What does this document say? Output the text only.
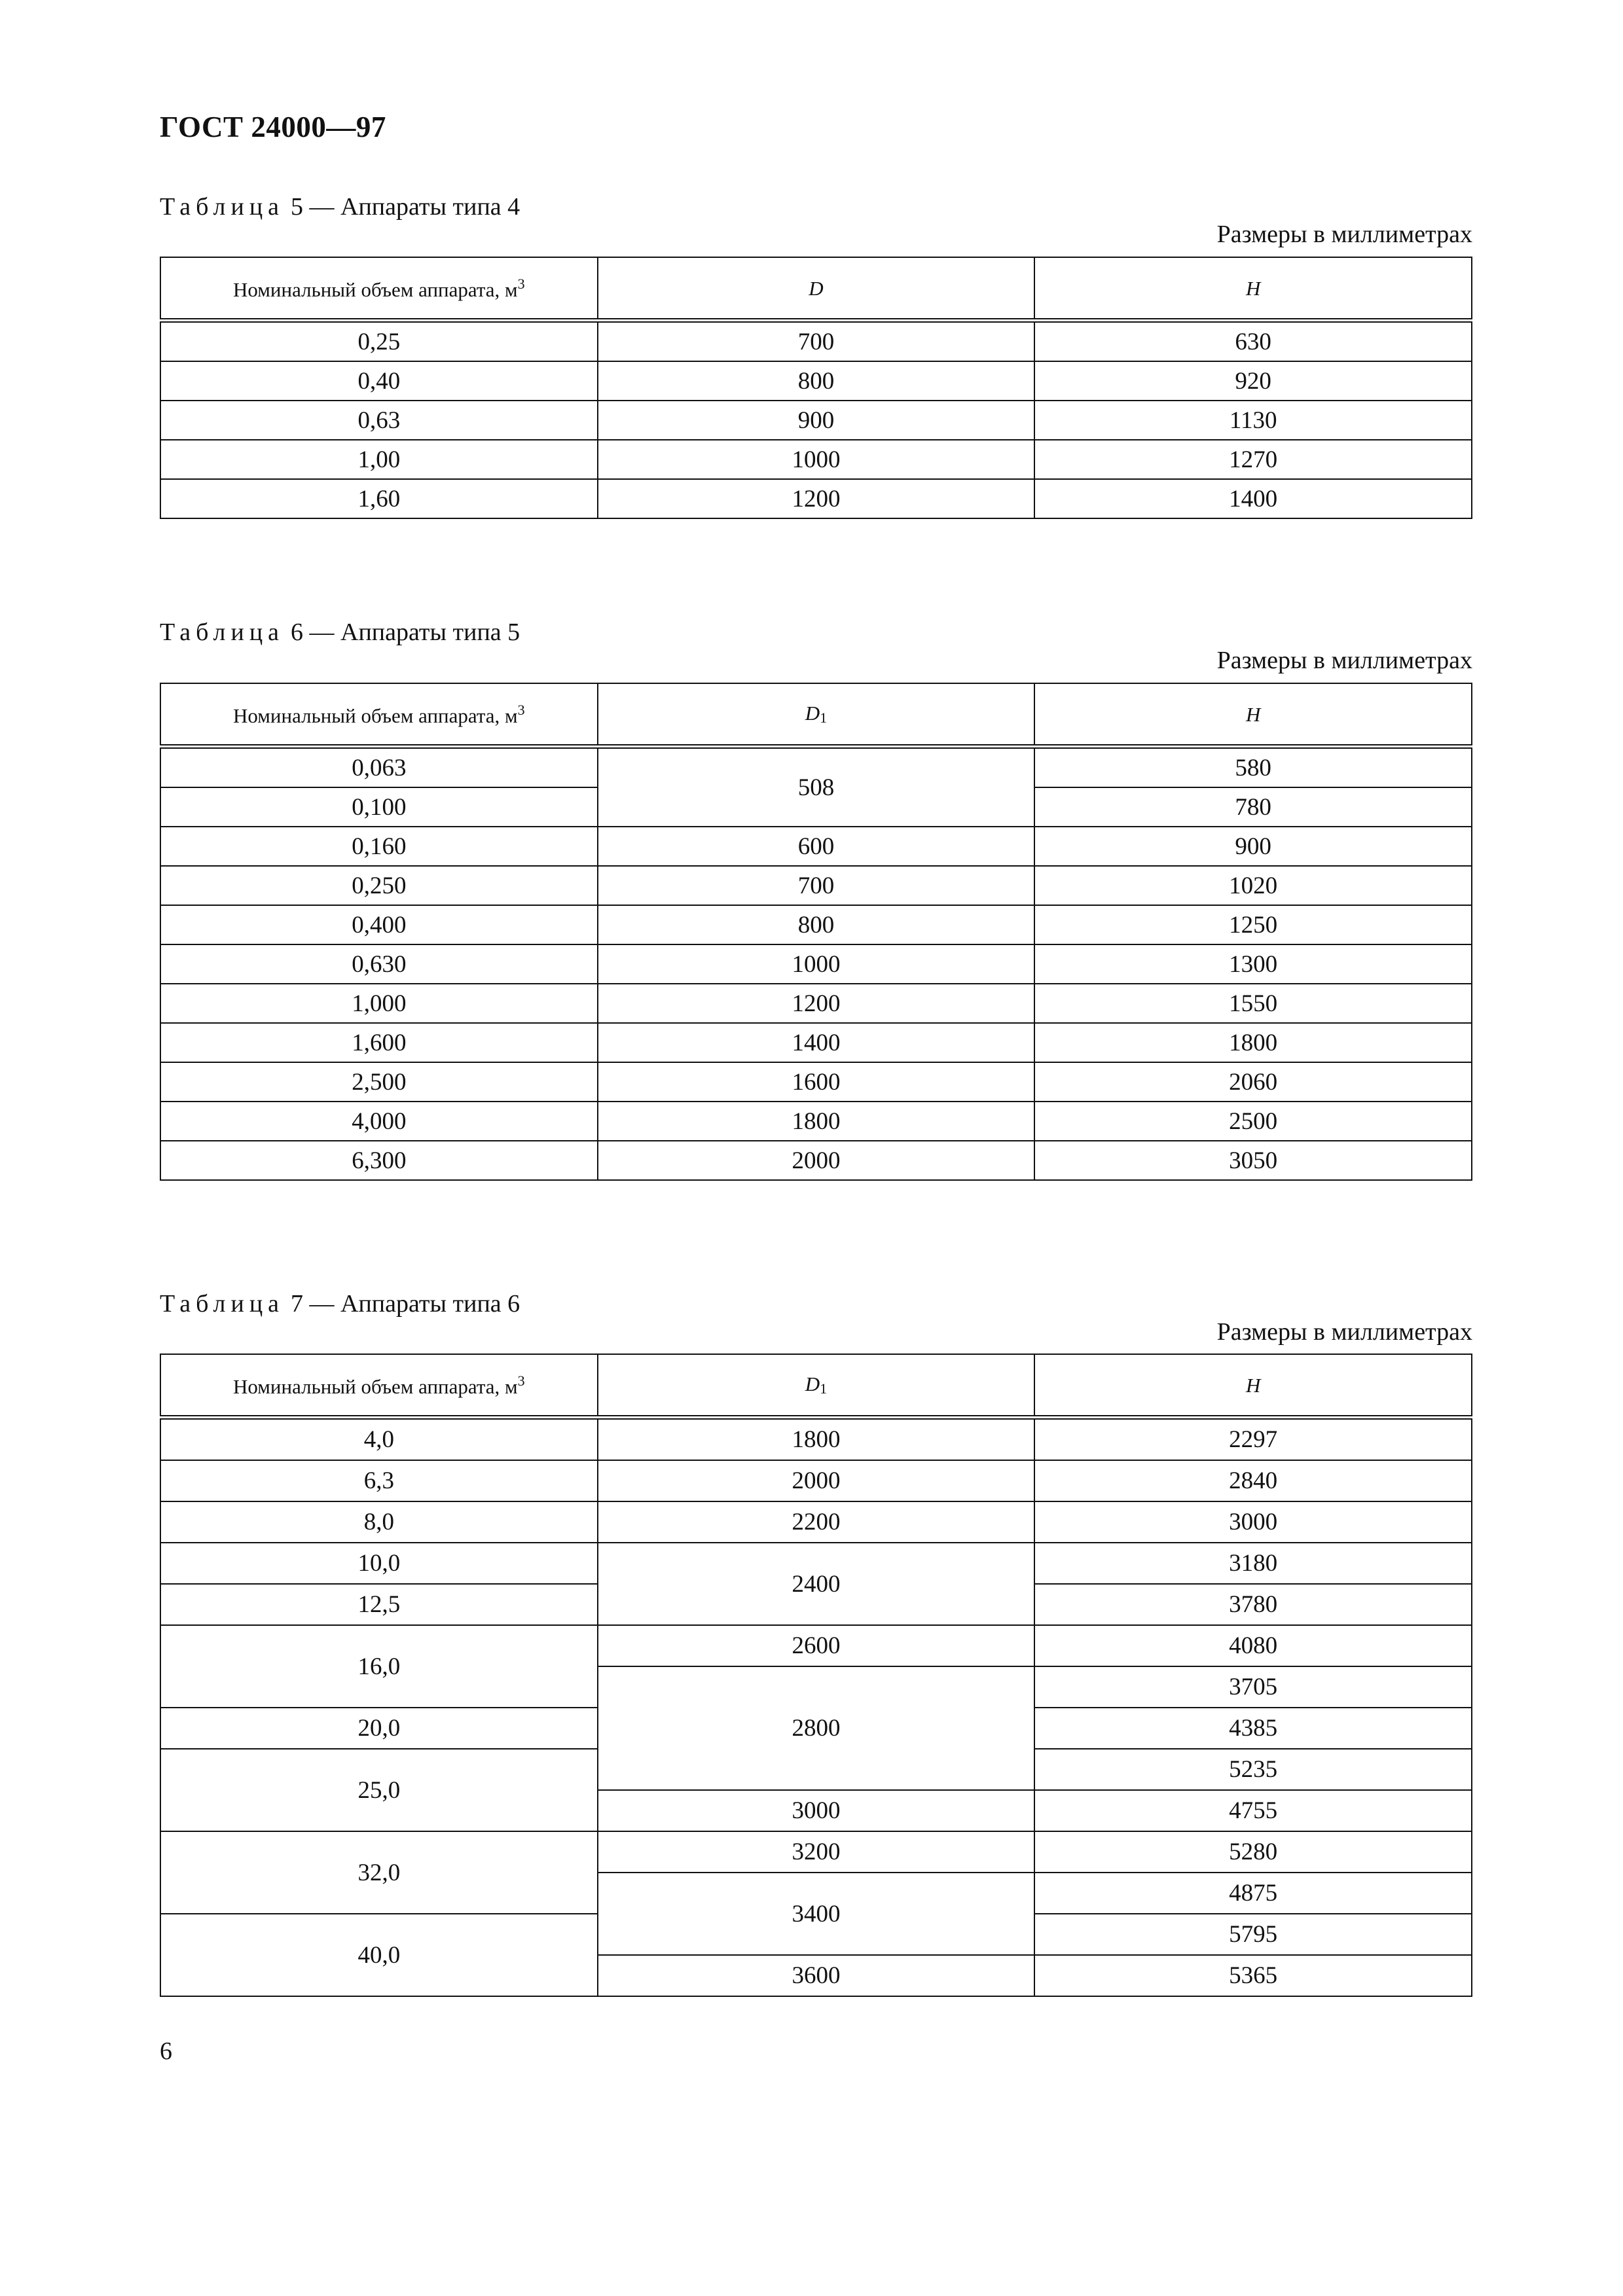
ГОСТ 24000—97
Таблица 5 — Аппараты типа 4
Размеры в миллиметрах
Номинальный объем аппарата, $м^3$	D	H
0,25	700	630
0,40	800	920
0,63	900	1130
1,00	1000	1270
1,60	1200	1400
Таблица 6 — Аппараты типа 5
Размеры в миллиметрах
Номинальный объем аппарата, $м^3$	D1	H
0,063	508	580
0,100		780
0,160	600	900
0,250	700	1020
0,400	800	1250
0,630	1000	1300
1,000	1200	1550
1,600	1400	1800
2,500	1600	2060
4,000	1800	2500
6,300	2000	3050
Таблица 7 — Аппараты типа 6
Размеры в миллиметрах
Номинальный объем аппарата, $м^3$	D1	H
4,0	1800	2297
6,3	2000	2840
8,0	2200	3000
10,0	2400	3180
12,5		3780
16,0	2600	4080
	2800	3705
20,0		4385
25,0		5235
	3000	4755
32,0	3200	5280
	3400	4875
40,0		5795
	3600	5365
6
